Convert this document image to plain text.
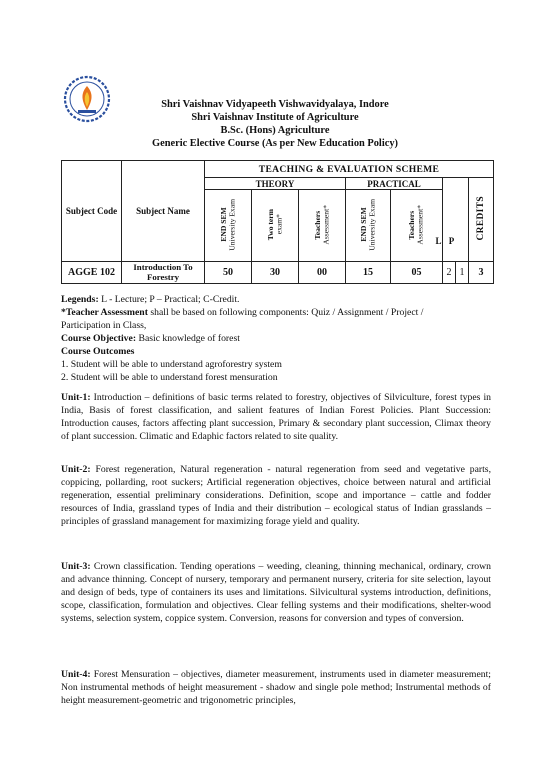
Shri Vaishnav Vidyapeeth Vishwavidyalaya, Indore
Shri Vaishnav Institute of Agriculture
B.Sc. (Hons) Agriculture
Generic Elective Course (As per New Education Policy)
Subject Code	Subject Name	TEACHING & EVALUATION SCHEME							
		THEORY			PRACTICAL				CREDITS
		END SEM University Exam	Two term exam*	Teachers Assessment*	END SEM University Exam	Teachers Assessment*			

AGGE 102	Introduction To Forestry	50	30	00	15	05	2	1	3
L P
Legends: L - Lecture; P – Practical; C-Credit.
*Teacher Assessment shall be based on following components: Quiz / Assignment / Project /
Participation in Class,
Course Objective: Basic knowledge of forest
Course Outcomes
1. Student will be able to understand agroforestry system
2. Student will be able to understand forest mensuration
Unit-1: Introduction – definitions of basic terms related to forestry, objectives of Silviculture, forest types in India, Basis of forest classification, and salient features of Indian Forest Policies. Plant Succession: Introduction causes, factors affecting plant succession, Primary & secondary plant succession, Climax theory of plant succession. Climatic and Edaphic factors related to site quality.
Unit-2: Forest regeneration, Natural regeneration - natural regeneration from seed and vegetative parts, coppicing, pollarding, root suckers; Artificial regeneration objectives, choice between natural and artificial regeneration, essential preliminary considerations. Definition, scope and importance – cattle and fodder resources of India, grassland types of India and their distribution – ecological status of Indian grasslands – principles of grassland management for maximizing forage yield and quality.
Unit-3: Crown classification. Tending operations – weeding, cleaning, thinning mechanical, ordinary, crown and advance thinning. Concept of nursery, temporary and permanent nursery, criteria for site selection, layout and design of beds, type of containers its uses and limitations. Silvicultural systems introduction, definitions, scope, classification, formulation and objectives. Clear felling systems and their modifications, shelter-wood systems, selection system, coppice system. Conversion, reasons for conversion and types of conversion.
Unit-4: Forest Mensuration – objectives, diameter measurement, instruments used in diameter measurement; Non instrumental methods of height measurement - shadow and single pole method; Instrumental methods of height measurement-geometric and trigonometric principles,
